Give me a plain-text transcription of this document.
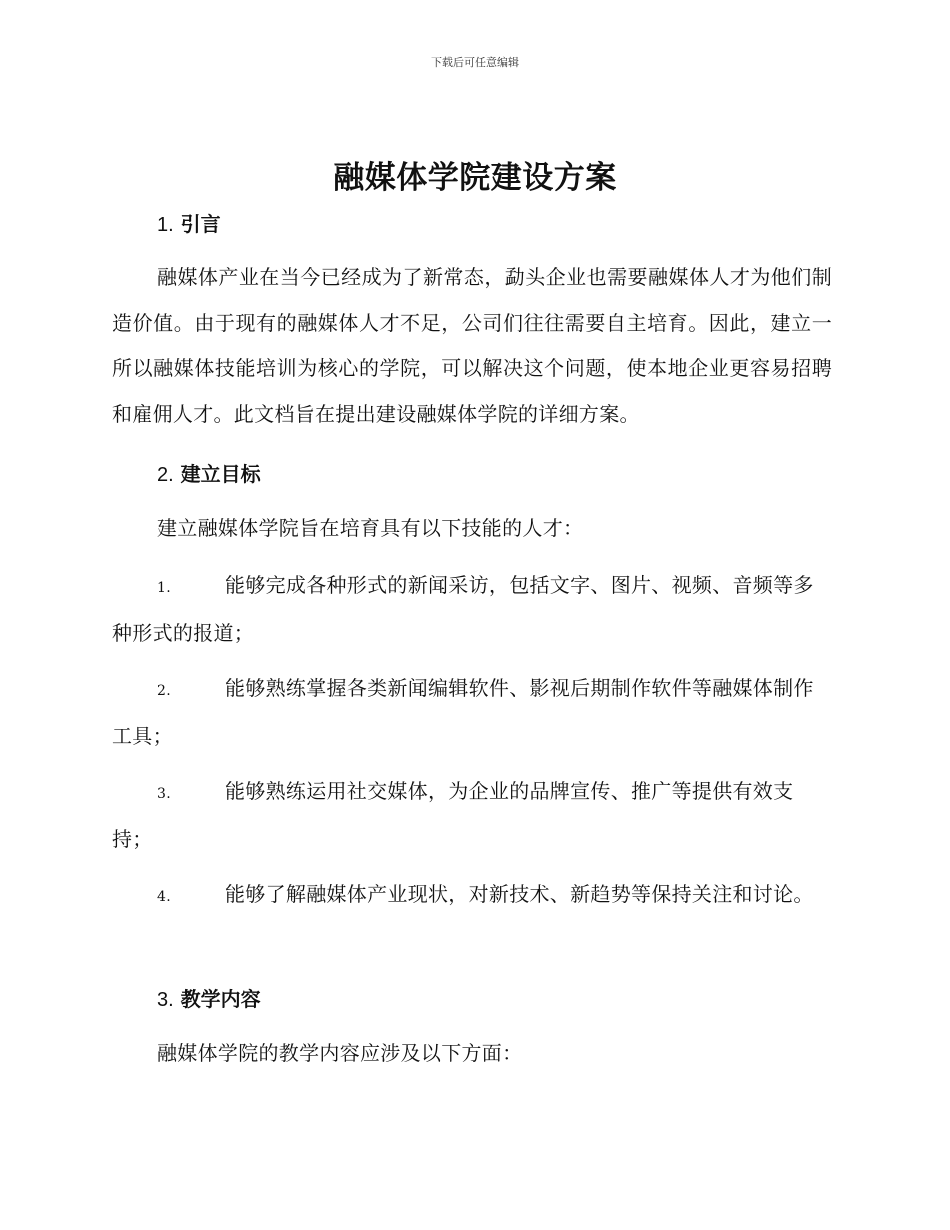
下载后可任意编辑
融媒体学院建设方案
1. 引言
融媒体产业在当今已经成为了新常态，勐头企业也需要融媒体人才为他们制造价值。由于现有的融媒体人才不足，公司们往往需要自主培育。因此，建立一所以融媒体技能培训为核心的学院，可以解决这个问题，使本地企业更容易招聘和雇佣人才。此文档旨在提出建设融媒体学院的详细方案。
2. 建立目标
建立融媒体学院旨在培育具有以下技能的人才：
1.	能够完成各种形式的新闻采访，包括文字、图片、视频、音频等多种形式的报道；
2.	能够熟练掌握各类新闻编辑软件、影视后期制作软件等融媒体制作工具；
3.	能够熟练运用社交媒体，为企业的品牌宣传、推广等提供有效支持；
4.	能够了解融媒体产业现状，对新技术、新趋势等保持关注和讨论。
3. 教学内容
融媒体学院的教学内容应涉及以下方面：
